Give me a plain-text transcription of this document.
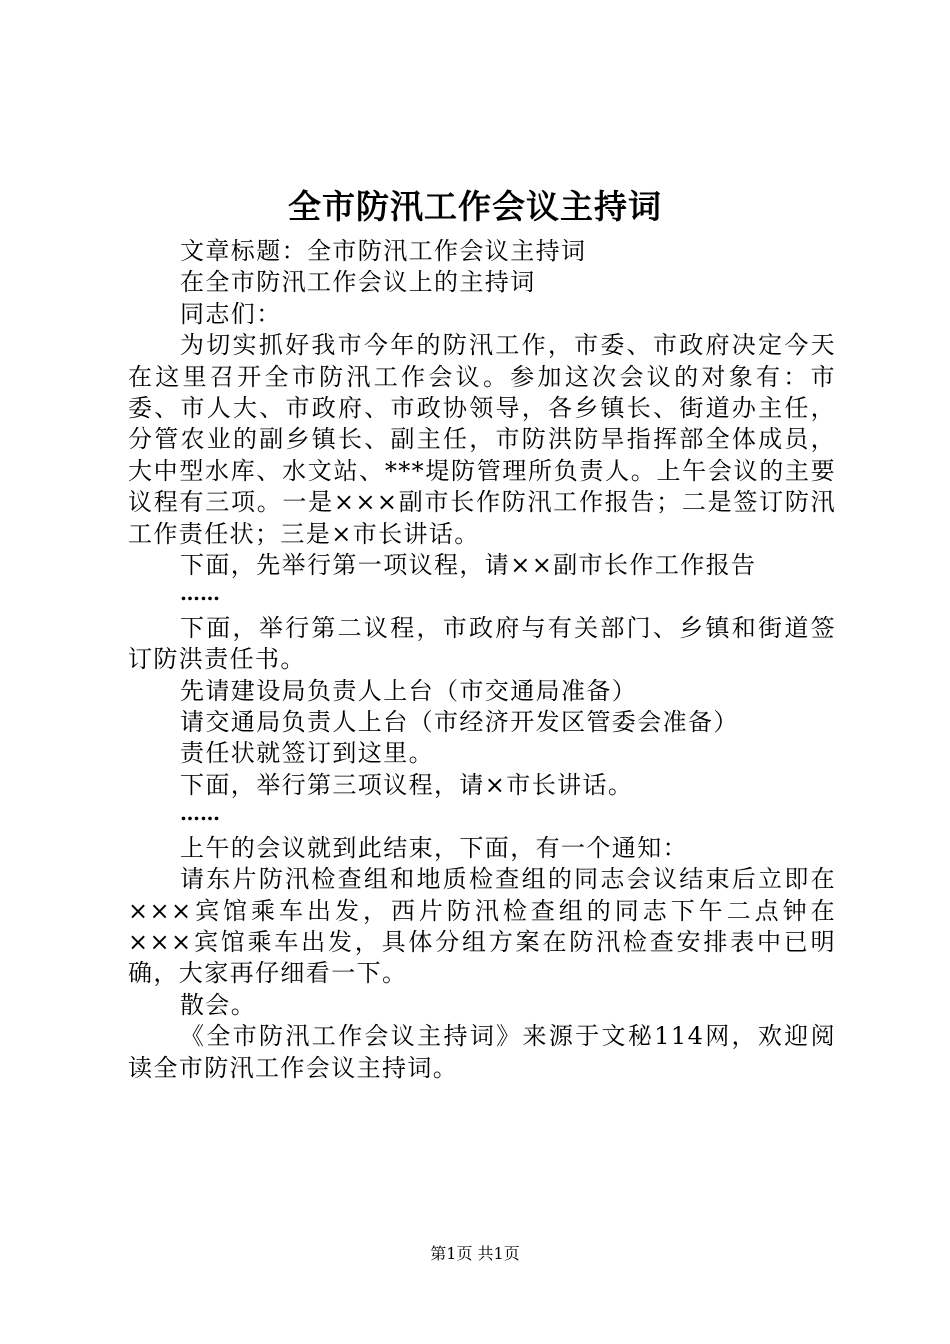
全市防汛工作会议主持词

文章标题：全市防汛工作会议主持词

在全市防汛工作会议上的主持词

同志们：

为切实抓好我市今年的防汛工作，市委、市政府决定今天在这里召开全市防汛工作会议。参加这次会议的对象有：市委、市人大、市政府、市政协领导，各乡镇长、街道办主任，分管农业的副乡镇长、副主任，市防洪防旱指挥部全体成员，大中型水库、水文站、***堤防管理所负责人。上午会议的主要议程有三项。一是×××副市长作防汛工作报告；二是签订防汛工作责任状；三是×市长讲话。

下面，先举行第一项议程，请××副市长作工作报告

……

下面，举行第二议程，市政府与有关部门、乡镇和街道签订防洪责任书。

先请建设局负责人上台（市交通局准备）

请交通局负责人上台（市经济开发区管委会准备）

责任状就签订到这里。

下面，举行第三项议程，请×市长讲话。

……

上午的会议就到此结束，下面，有一个通知：

请东片防汛检查组和地质检查组的同志会议结束后立即在×××宾馆乘车出发，西片防汛检查组的同志下午二点钟在×××宾馆乘车出发，具体分组方案在防汛检查安排表中已明确，大家再仔细看一下。

散会。

《全市防汛工作会议主持词》来源于文秘114网，欢迎阅读全市防汛工作会议主持词。

第1页 共1页
